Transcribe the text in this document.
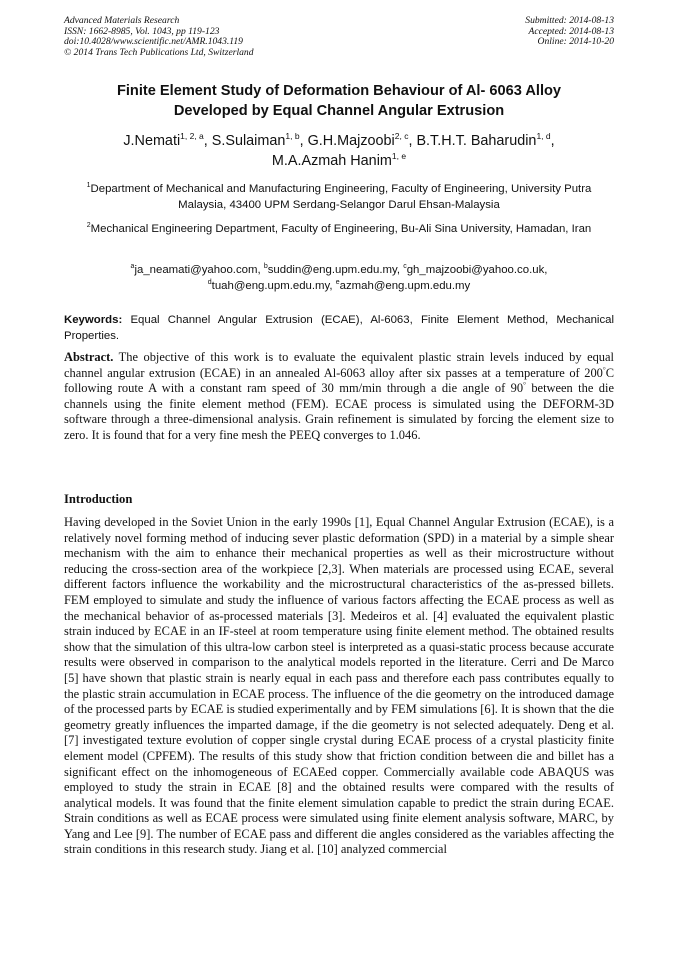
Advanced Materials Research
ISSN: 1662-8985, Vol. 1043, pp 119-123
doi:10.4028/www.scientific.net/AMR.1043.119
© 2014 Trans Tech Publications Ltd, Switzerland
Submitted: 2014-08-13
Accepted: 2014-08-13
Online: 2014-10-20
Finite Element Study of Deformation Behaviour of Al- 6063 Alloy
Developed by Equal Channel Angular Extrusion
J.Nemati$^{1, 2, a}$, S.Sulaiman$^{1, b}$, G.H.Majzoobi$^{2, c}$, B.T.H.T. Baharudin$^{1, d}$,
M.A.Azmah Hanim$^{1, e}$
$^1$Department of Mechanical and Manufacturing Engineering, Faculty of Engineering, University Putra Malaysia, 43400 UPM Serdang-Selangor Darul Ehsan-Malaysia
$^2$Mechanical Engineering Department, Faculty of Engineering, Bu-Ali Sina University, Hamadan, Iran
$^a$ja_neamati@yahoo.com, $^b$suddin@eng.upm.edu.my, $^c$gh_majzoobi@yahoo.co.uk,
$^d$tuah@eng.upm.edu.my, $^e$azmah@eng.upm.edu.my
Keywords: Equal Channel Angular Extrusion (ECAE), Al-6063, Finite Element Method, Mechanical Properties.
Abstract. The objective of this work is to evaluate the equivalent plastic strain levels induced by equal channel angular extrusion (ECAE) in an annealed Al-6063 alloy after six passes at a temperature of 200°C following route A with a constant ram speed of 30 mm/min through a die angle of 90° between the die channels using the finite element method (FEM). ECAE process is simulated using the DEFORM-3D software through a three-dimensional analysis. Grain refinement is simulated by forcing the element size to zero. It is found that for a very fine mesh the PEEQ converges to 1.046.
Introduction
Having developed in the Soviet Union in the early 1990s [1], Equal Channel Angular Extrusion (ECAE), is a relatively novel forming method of inducing sever plastic deformation (SPD) in a material by a simple shear mechanism with the aim to enhance their mechanical properties as well as their microstructure without reducing the cross-section area of the workpiece [2,3]. When materials are processed using ECAE, several different factors influence the workability and the microstructural characteristics of the as-pressed billets. FEM employed to simulate and study the influence of various factors affecting the ECAE process as well as the mechanical behavior of as-processed materials [3]. Medeiros et al. [4] evaluated the equivalent plastic strain induced by ECAE in an IF-steel at room temperature using finite element method. The obtained results show that the simulation of this ultra-low carbon steel is interpreted as a quasi-static process because accurate results were observed in comparison to the analytical models reported in the literature. Cerri and De Marco [5] have shown that plastic strain is nearly equal in each pass and therefore each pass contributes equally to the plastic strain accumulation in ECAE process. The influence of the die geometry on the introduced damage of the processed parts by ECAE is studied experimentally and by FEM simulations [6]. It is shown that the die geometry greatly influences the imparted damage, if the die geometry is not selected adequately. Deng et al. [7] investigated texture evolution of copper single crystal during ECAE process of a crystal plasticity finite element model (CPFEM). The results of this study show that friction condition between die and billet has a significant effect on the inhomogeneous of ECAEed copper. Commercially available code ABAQUS was employed to study the strain in ECAE [8] and the obtained results were compared with the results of analytical models. It was found that the finite element simulation capable to predict the strain during ECAE. Strain conditions as well as ECAE process were simulated using finite element analysis software, MARC, by Yang and Lee [9]. The number of ECAE pass and different die angles considered as the variables affecting the strain conditions in this research study. Jiang et al. [10] analyzed commercial
